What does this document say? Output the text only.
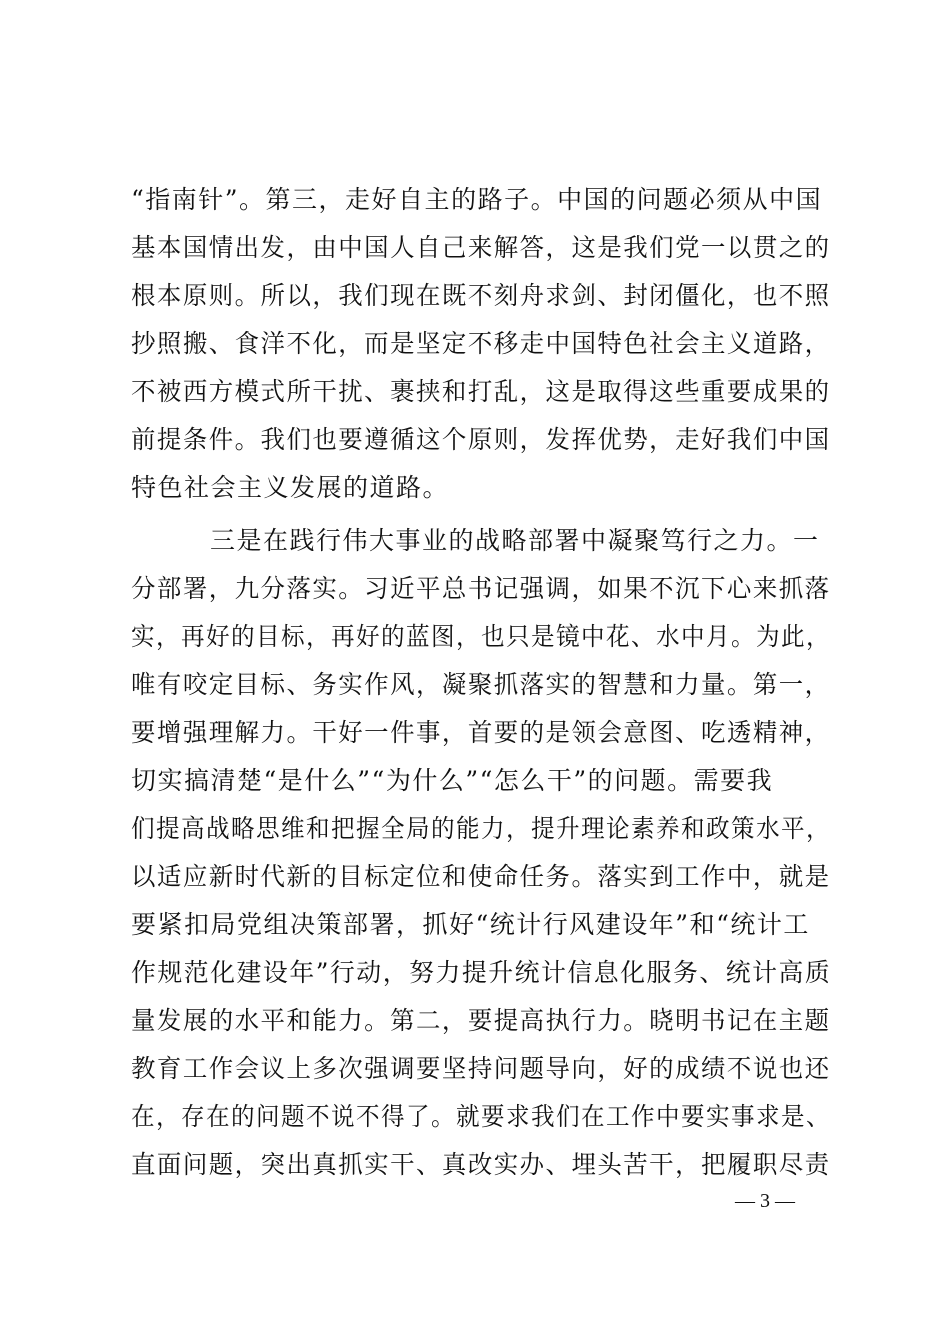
“指南针”。第三，走好自主的路子。中国的问题必须从中国
基本国情出发，由中国人自己来解答，这是我们党一以贯之的
根本原则。所以，我们现在既不刻舟求剑、封闭僵化，也不照
抄照搬、食洋不化，而是坚定不移走中国特色社会主义道路，
不被西方模式所干扰、裹挟和打乱，这是取得这些重要成果的
前提条件。我们也要遵循这个原则，发挥优势，走好我们中国
特色社会主义发展的道路。
三是在践行伟大事业的战略部署中凝聚笃行之力。一
分部署，九分落实。习近平总书记强调，如果不沉下心来抓落
实，再好的目标，再好的蓝图，也只是镜中花、水中月。为此，
唯有咬定目标、务实作风，凝聚抓落实的智慧和力量。第一，
要增强理解力。干好一件事，首要的是领会意图、吃透精神，
切实搞清楚“是什么”“为什么”“怎么干”的问题。需要我
们提高战略思维和把握全局的能力，提升理论素养和政策水平，
以适应新时代新的目标定位和使命任务。落实到工作中，就是
要紧扣局党组决策部署，抓好“统计行风建设年”和“统计工
作规范化建设年”行动，努力提升统计信息化服务、统计高质
量发展的水平和能力。第二，要提高执行力。晓明书记在主题
教育工作会议上多次强调要坚持问题导向，好的成绩不说也还
在，存在的问题不说不得了。就要求我们在工作中要实事求是、
直面问题，突出真抓实干、真改实办、埋头苦干，把履职尽责
— 3 —
